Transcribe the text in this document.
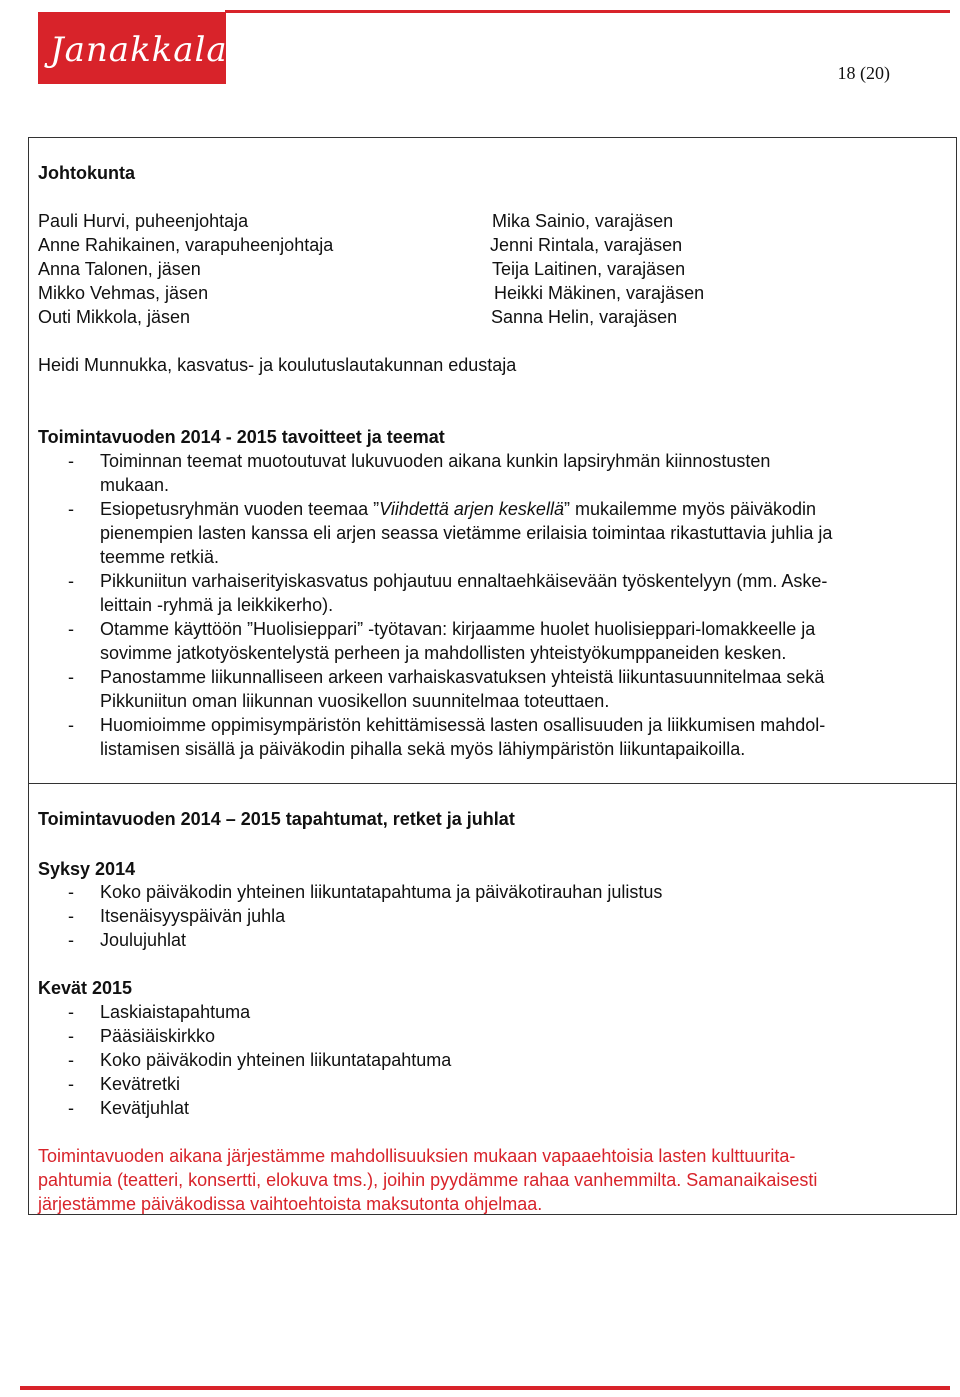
Janakkala
18 (20)
Johtokunta
Pauli Hurvi, puheenjohtaja
Anne Rahikainen, varapuheenjohtaja
Anna Talonen, jäsen
Mikko Vehmas, jäsen
Outi Mikkola, jäsen
Mika Sainio, varajäsen
Jenni Rintala, varajäsen
Teija Laitinen, varajäsen
Heikki Mäkinen, varajäsen
Sanna Helin, varajäsen
Heidi Munnukka, kasvatus- ja koulutuslautakunnan edustaja
Toimintavuoden 2014 - 2015 tavoitteet ja teemat
- Toiminnan teemat muotoutuvat lukuvuoden aikana kunkin lapsiryhmän kiinnostusten
mukaan.
- Esiopetusryhmän vuoden teemaa ”Viihdettä arjen keskellä” mukailemme myös päiväkodin
pienempien lasten kanssa eli arjen seassa vietämme erilaisia toimintaa rikastuttavia juhlia ja
teemme retkiä.
- Pikkuniitun varhaiserityiskasvatus pohjautuu ennaltaehkäisevään työskentelyyn (mm. Aske-
leittain -ryhmä ja leikkikerho).
- Otamme käyttöön ”Huolisieppari” -työtavan: kirjaamme huolet huolisieppari-lomakkeelle ja
sovimme jatkotyöskentelystä perheen ja mahdollisten yhteistyökumppaneiden kesken.
- Panostamme liikunnalliseen arkeen varhaiskasvatuksen yhteistä liikuntasuunnitelmaa sekä
Pikkuniitun oman liikunnan vuosikellon suunnitelmaa toteuttaen.
- Huomioimme oppimisympäristön kehittämisessä lasten osallisuuden ja liikkumisen mahdol-
listamisen sisällä ja päiväkodin pihalla sekä myös lähiympäristön liikuntapaikoilla.
Toimintavuoden 2014 – 2015 tapahtumat, retket ja juhlat
Syksy 2014
- Koko päiväkodin yhteinen liikuntatapahtuma ja päiväkotirauhan julistus
- Itsenäisyyspäivän juhla
- Joulujuhlat
Kevät 2015
- Laskiaistapahtuma
- Pääsiäiskirkko
- Koko päiväkodin yhteinen liikuntatapahtuma
- Kevätretki
- Kevätjuhlat
Toimintavuoden aikana järjestämme mahdollisuuksien mukaan vapaaehtoisia lasten kulttuurita-
pahtumia (teatteri, konsertti, elokuva tms.), joihin pyydämme rahaa vanhemmilta. Samanaikaisesti
järjestämme päiväkodissa vaihtoehtoista maksutonta ohjelmaa.
